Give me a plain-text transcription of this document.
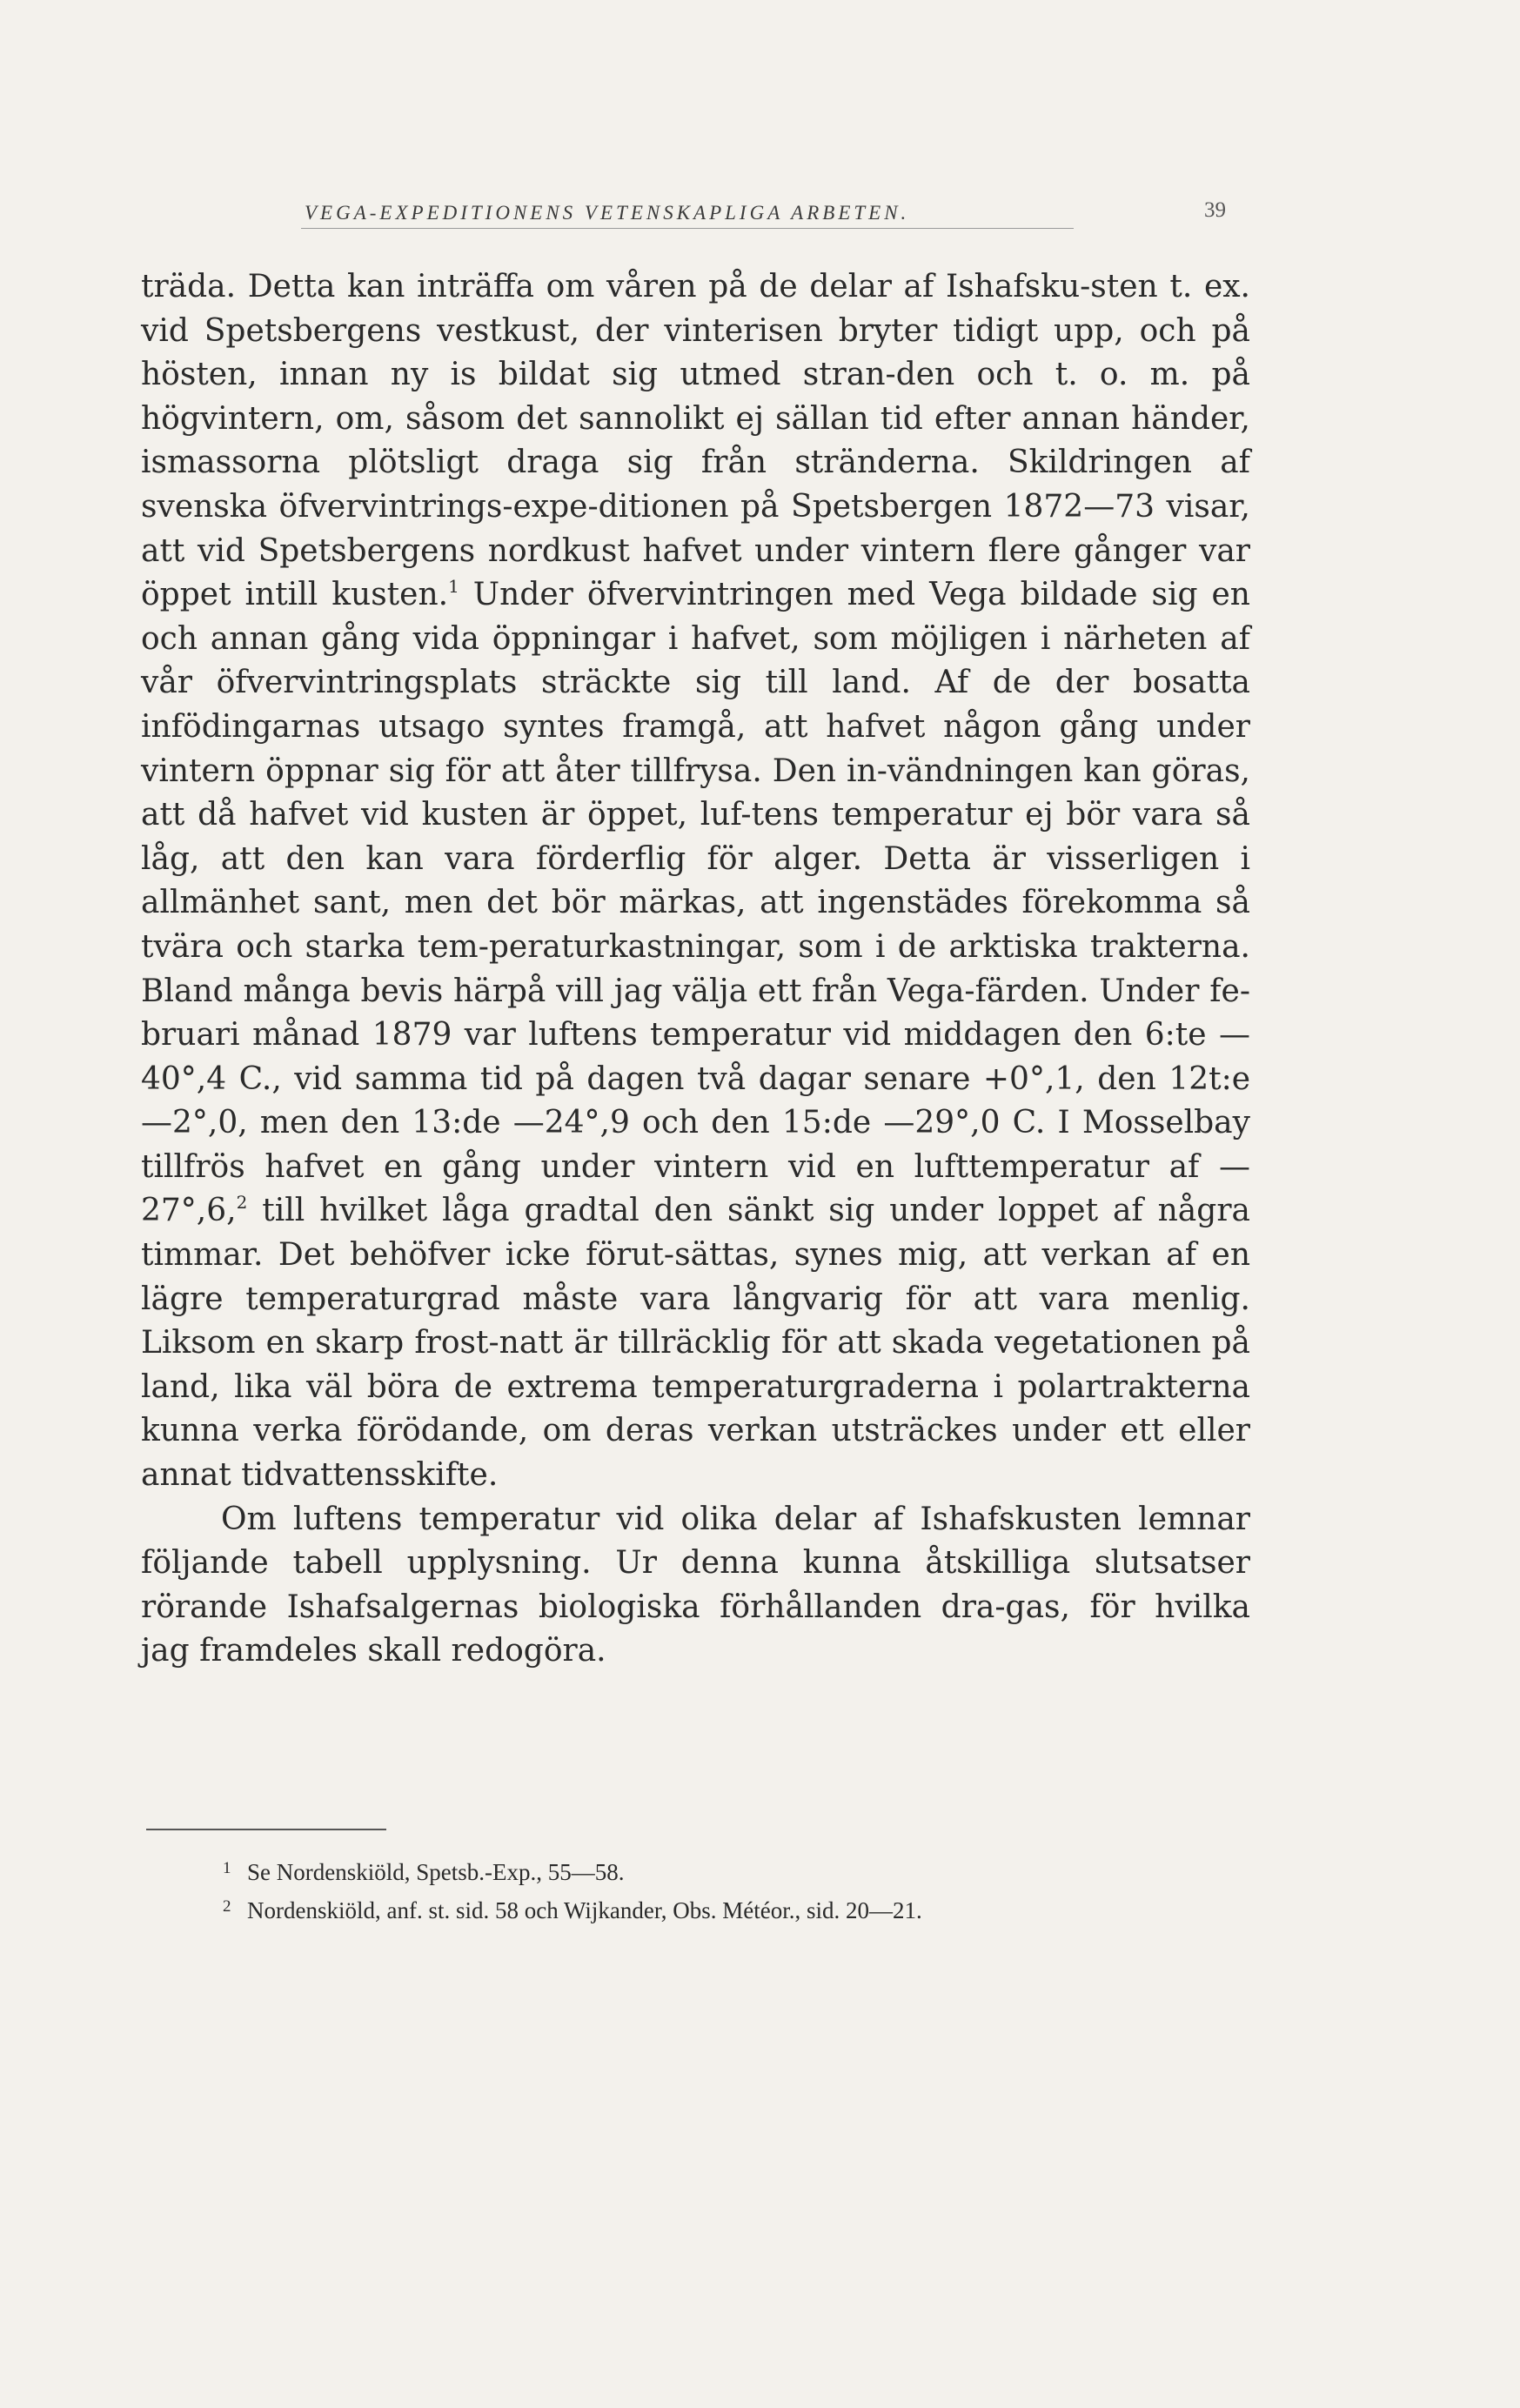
VEGA-EXPEDITIONENS VETENSKAPLIGA ARBETEN.	39

träda. Detta kan inträffa om våren på de delar af Ishafsku-sten t. ex. vid Spetsbergens vestkust, der vinterisen bryter tidigt upp, och på hösten, innan ny is bildat sig utmed stran-den och t. o. m. på högvintern, om, såsom det sannolikt ej sällan tid efter annan händer, ismassorna plötsligt draga sig från stränderna. Skildringen af svenska öfvervintrings-expe-ditionen på Spetsbergen 1872—73 visar, att vid Spetsbergens nordkust hafvet under vintern flere gånger var öppet intill kusten.$^1$ Under öfvervintringen med Vega bildade sig en och annan gång vida öppningar i hafvet, som möjligen i närheten af vår öfvervintringsplats sträckte sig till land. Af de der bosatta infödingarnas utsago syntes framgå, att hafvet någon gång under vintern öppnar sig för att åter tillfrysa. Den in-vändningen kan göras, att då hafvet vid kusten är öppet, luf-tens temperatur ej bör vara så låg, att den kan vara förderflig för alger. Detta är visserligen i allmänhet sant, men det bör märkas, att ingenstädes förekomma så tvära och starka tem-peraturkastningar, som i de arktiska trakterna. Bland många bevis härpå vill jag välja ett från Vega-färden. Under fe-bruari månad 1879 var luftens temperatur vid middagen den 6:te —40°,4 C., vid samma tid på dagen två dagar senare +0°,1, den 12t:e —2°,0, men den 13:de —24°,9 och den 15:de —29°,0 C. I Mosselbay tillfrös hafvet en gång under vintern vid en lufttemperatur af —27°,6,$^2$ till hvilket låga gradtal den sänkt sig under loppet af några timmar. Det behöfver icke förut-sättas, synes mig, att verkan af en lägre temperaturgrad måste vara långvarig för att vara menlig. Liksom en skarp frost-natt är tillräcklig för att skada vegetationen på land, lika väl böra de extrema temperaturgraderna i polartrakterna kunna verka förödande, om deras verkan utsträckes under ett eller annat tidvattensskifte.

Om luftens temperatur vid olika delar af Ishafskusten lemnar följande tabell upplysning. Ur denna kunna åtskilliga slutsatser rörande Ishafsalgernas biologiska förhållanden dra-gas, för hvilka jag framdeles skall redogöra.

1 Se Nordenskiöld, Spetsb.-Exp., 55—58.
2 Nordenskiöld, anf. st. sid. 58 och Wijkander, Obs. Météor., sid. 20—21.
